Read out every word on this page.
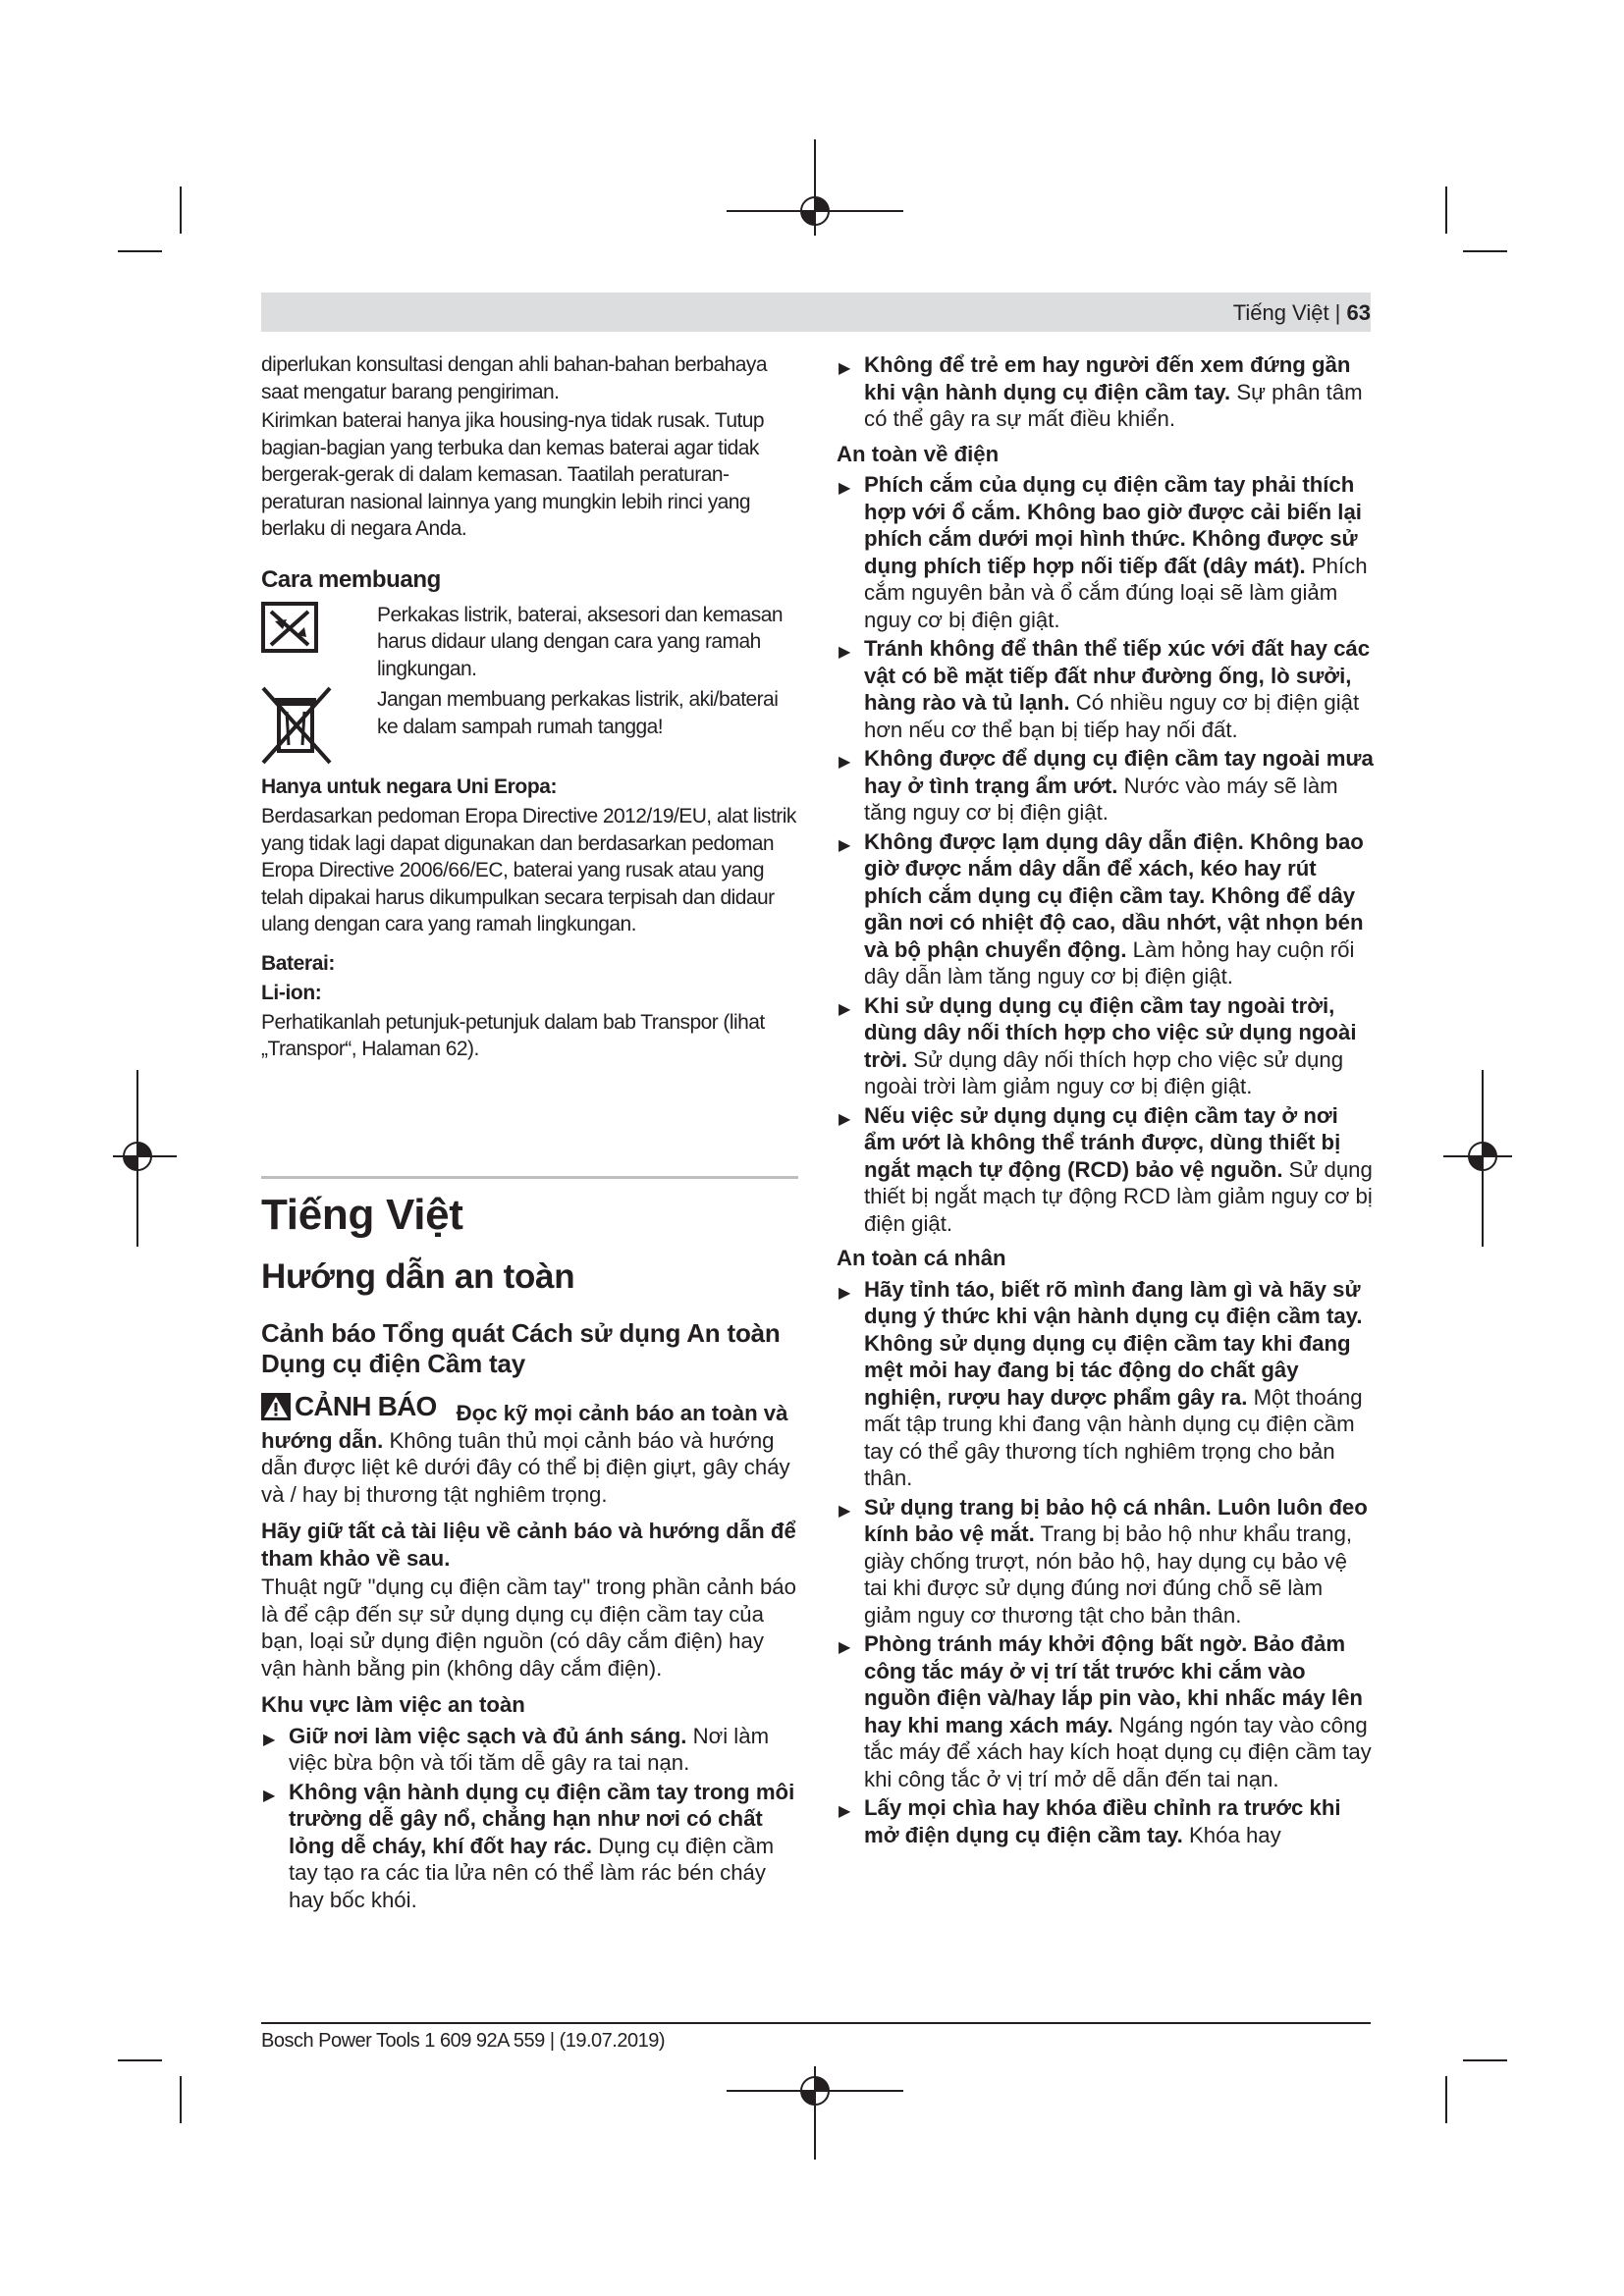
Tiếng Việt | 63

diperlukan konsultasi dengan ahli bahan-bahan berbahaya saat mengatur barang pengiriman.

Kirimkan baterai hanya jika housing-nya tidak rusak. Tutup bagian-bagian yang terbuka dan kemas baterai agar tidak bergerak-gerak di dalam kemasan. Taatilah peraturan-peraturan nasional lainnya yang mungkin lebih rinci yang berlaku di negara Anda.

Cara membuang

Perkakas listrik, baterai, aksesori dan kemasan harus didaur ulang dengan cara yang ramah lingkungan.

Jangan membuang perkakas listrik, aki/baterai ke dalam sampah rumah tangga!

Hanya untuk negara Uni Eropa:

Berdasarkan pedoman Eropa Directive 2012/19/EU, alat listrik yang tidak lagi dapat digunakan dan berdasarkan pedoman Eropa Directive 2006/66/EC, baterai yang rusak atau yang telah dipakai harus dikumpulkan secara terpisah dan didaur ulang dengan cara yang ramah lingkungan.

Baterai:
Li-ion:

Perhatikanlah petunjuk-petunjuk dalam bab Transpor (lihat „Transpor“, Halaman 62).

Tiếng Việt
Hướng dẫn an toàn
Cảnh báo Tổng quát Cách sử dụng An toàn Dụng cụ điện Cầm tay
CẢNH BÁO Đọc kỹ mọi cảnh báo an toàn và hướng dẫn. Không tuân thủ mọi cảnh báo và hướng dẫn được liệt kê dưới đây có thể bị điện giựt, gây cháy và / hay bị thương tật nghiêm trọng.

Hãy giữ tất cả tài liệu về cảnh báo và hướng dẫn để tham khảo về sau.

Thuật ngữ "dụng cụ điện cầm tay" trong phần cảnh báo là để cập đến sự sử dụng dụng cụ điện cầm tay của bạn, loại sử dụng điện nguồn (có dây cắm điện) hay vận hành bằng pin (không dây cắm điện).

Khu vực làm việc an toàn
▶ Giữ nơi làm việc sạch và đủ ánh sáng. Nơi làm việc bừa bộn và tối tăm dễ gây ra tai nạn.
▶ Không vận hành dụng cụ điện cầm tay trong môi trường dễ gây nổ, chẳng hạn như nơi có chất lỏng dễ cháy, khí đốt hay rác. Dụng cụ điện cầm tay tạo ra các tia lửa nên có thể làm rác bén cháy hay bốc khói.
▶ Không để trẻ em hay người đến xem đứng gần khi vận hành dụng cụ điện cầm tay. Sự phân tâm có thể gây ra sự mất điều khiển.
An toàn về điện
▶ Phích cắm của dụng cụ điện cầm tay phải thích hợp với ổ cắm. Không bao giờ được cải biến lại phích cắm dưới mọi hình thức. Không được sử dụng phích tiếp hợp nối tiếp đất (dây mát). Phích cắm nguyên bản và ổ cắm đúng loại sẽ làm giảm nguy cơ bị điện giật.
▶ Tránh không để thân thể tiếp xúc với đất hay các vật có bề mặt tiếp đất như đường ống, lò sưởi, hàng rào và tủ lạnh. Có nhiều nguy cơ bị điện giật hơn nếu cơ thể bạn bị tiếp hay nối đất.
▶ Không được để dụng cụ điện cầm tay ngoài mưa hay ở tình trạng ẩm ướt. Nước vào máy sẽ làm tăng nguy cơ bị điện giật.
▶ Không được lạm dụng dây dẫn điện. Không bao giờ được nắm dây dẫn để xách, kéo hay rút phích cắm dụng cụ điện cầm tay. Không để dây gần nơi có nhiệt độ cao, dầu nhớt, vật nhọn bén và bộ phận chuyển động. Làm hỏng hay cuộn rối dây dẫn làm tăng nguy cơ bị điện giật.
▶ Khi sử dụng dụng cụ điện cầm tay ngoài trời, dùng dây nối thích hợp cho việc sử dụng ngoài trời. Sử dụng dây nối thích hợp cho việc sử dụng ngoài trời làm giảm nguy cơ bị điện giật.
▶ Nếu việc sử dụng dụng cụ điện cầm tay ở nơi ẩm ướt là không thể tránh được, dùng thiết bị ngắt mạch tự động (RCD) bảo vệ nguồn. Sử dụng thiết bị ngắt mạch tự động RCD làm giảm nguy cơ bị điện giật.
An toàn cá nhân
▶ Hãy tỉnh táo, biết rõ mình đang làm gì và hãy sử dụng ý thức khi vận hành dụng cụ điện cầm tay. Không sử dụng dụng cụ điện cầm tay khi đang mệt mỏi hay đang bị tác động do chất gây nghiện, rượu hay dược phẩm gây ra. Một thoáng mất tập trung khi đang vận hành dụng cụ điện cầm tay có thể gây thương tích nghiêm trọng cho bản thân.
▶ Sử dụng trang bị bảo hộ cá nhân. Luôn luôn đeo kính bảo vệ mắt. Trang bị bảo hộ như khẩu trang, giày chống trượt, nón bảo hộ, hay dụng cụ bảo vệ tai khi được sử dụng đúng nơi đúng chỗ sẽ làm giảm nguy cơ thương tật cho bản thân.
▶ Phòng tránh máy khởi động bất ngờ. Bảo đảm công tắc máy ở vị trí tắt trước khi cắm vào nguồn điện và/hay lắp pin vào, khi nhấc máy lên hay khi mang xách máy. Ngáng ngón tay vào công tắc máy để xách hay kích hoạt dụng cụ điện cầm tay khi công tắc ở vị trí mở dễ dẫn đến tai nạn.
▶ Lấy mọi chìa hay khóa điều chỉnh ra trước khi mở điện dụng cụ điện cầm tay. Khóa hay
Bosch Power Tools 1 609 92A 559 | (19.07.2019)
